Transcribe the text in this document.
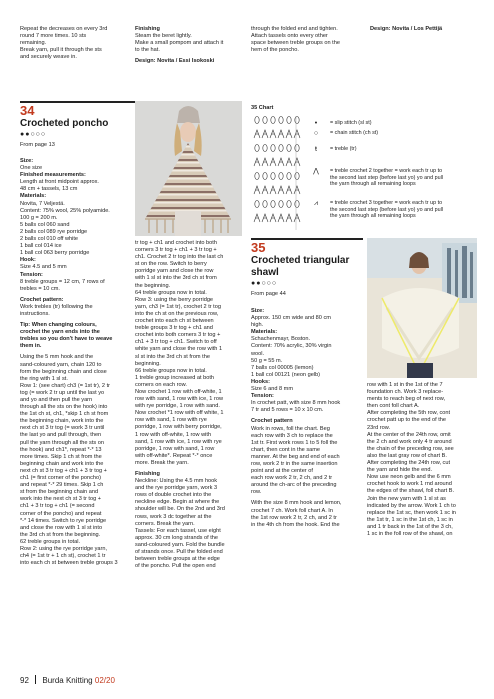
Repeat the decreases on every 3rd

round 7 more times. 10 sts

remaining.

Break yarn, pull it through the sts

and securely weave in.

Finishing

Steam the beret lightly.

Make a small pompom and attach it

to the hat.

Design: Novita / Essi Isokoski

through the folded end and tighten.

Attach tassels onto every other

space between treble groups on the

hem of the poncho.

Design: Novita / Los Pettijä

34
Crocheted poncho
●●○○○
From page 13

Size:

One size

Finished measurements:

Length at front midpoint approx.

48 cm + tassels, 13 cm

Materials:

Novita, 7 Veljestä.

Content: 75% wool, 25% polyamide.

100 g = 200 m.

5 balls col 060 sand

2 balls col 089 rye porridge

2 balls col 010 off white

1 ball col 014 ice

1 ball col 063 berry porridge

Hook:

Size 4.5 and 5 mm

Tension:

8 treble groups = 12 cm, 7 rows of

trebles = 10 cm.

Crochet pattern:

Work trebles (tr) following the

instructions.

Tip: When changing colours,

crochet the yarn ends into the

trebles so you don't have to weave

them in.

Using the 5 mm hook and the

sand-coloured yarn, chain 120 to

form the beginning chain and close

the ring with 1 sl st.

Row 1: (see chart) ch3 (= 1st tr), 2 tr

tog (= work 2 tr up until the last yo

and yo and then pull the yarn

through all the sts on the hook) into

the 1st ch st, ch1, *skip 1 ch st from

the beginning chain, work into the

next ch st 3 tr tog (= work 3 tr until

the last yo and pull through, then

pull the yarn through all the sts on

the hook) and ch1*, repeat *-* 13

more times. Skip 1 ch st from the

beginning chain and work into the

next ch st 3 tr tog + ch1 + 3 tr tog +

ch1 (= first corner of the poncho)

and repeat *-* 29 times. Skip 1 ch

st from the beginning chain and

work into the next ch st 3 tr tog +

ch1 + 3 tr tog + ch1 (= second

corner of the poncho) and repeat

*-* 14 times. Switch to rye porridge

and close the row with 1 sl st into

the 3rd ch st from the beginning.

62 treble groups in total.

Row 2: using the rye porridge yarn,

ch4 (= 1st tr + 1 ch st), crochet 1 tr

into each ch st between treble groups 3

tr tog + ch1 and crochet into both

corners 3 tr tog + ch1 + 3 tr tog +

ch1. Crochet 2 tr tog into the last ch

st on the row. Switch to berry

porridge yarn and close the row

with 1 sl st into the 3rd ch st from

the beginning.

64 treble groups now in total.

Row 3: using the berry porridge

yarn, ch3 (= 1st tr), crochet 2 tr tog

into the ch st on the previous row,

crochet into each ch st between

treble groups 3 tr tog + ch1 and

crochet into both corners 3 tr tog +

ch1 + 3 tr tog + ch1. Switch to off

white yarn and close the row with 1

sl st into the 3rd ch st from the

beginning.

66 treble groups now in total.

1 treble group increased at both

corners on each row.

Now crochet 1 row with off-white, 1

row with sand, 1 row with ice, 1 row

with rye porridge, 1 row with sand.

Now crochet *1 row with off white, 1

row with sand, 1 row with rye

porridge, 1 row with berry porridge,

1 row with off-white, 1 row with

sand, 1 row with ice, 1 row with rye

porridge, 1 row with sand, 1 row

with off-white*. Repeat *-* once

more. Break the yarn.

Finishing

Neckline: Using the 4.5 mm hook

and the rye porridge yarn, work 3

rows of double crochet into the

neckline edge. Begin at where the

shoulder will be. On the 2nd and 3rd

rows, work 3 dc together at the

corners. Break the yarn.

Tassels: For each tassel, use eight

approx. 30 cm long strands of the

sand-coloured yarn. Fold the bundle

of strands once. Pull the folded end

between treble groups at the edge

of the poncho. Pull the open end

35 Chart
•	= slip stitch (sl st)
○	= chain stitch (ch st)
ŧ	= treble (tr)
⋀	= treble crochet 2 together = work each tr up to
the second last step (before last yo) yo and pull
the yarn through all remaining loops
⩘	= treble crochet 3 together = work each tr up to
the second last step (before last yo) yo and pull
the yarn through all remaining loops
35
Crocheted triangular shawl
●●○○○
From page 44

Size:

Approx. 150 cm wide and 80 cm

high.

Materials:

Schachenmayr, Boston.

Content: 70% acrylic, 30% virgin

wool.

50 g = 55 m.

7 balls col 00005 (lemon)

1 ball col 00121 (neon gelb)

Hooks:

Size 6 and 8 mm

Tension:

In crochet patt, with size 8 mm hook

7 tr and 5 rows = 10 x 10 cm.

Crochet pattern

Work in rows, foll the chart. Beg

each row with 3 ch to replace the

1st tr. First work rows 1 to 5 foll the

chart, then cont in the same

manner. At the beg and end of each

row, work 2 tr in the same insertion

point and at the center of

each row work 2 tr, 2 ch, and 2 tr

around the ch-arc of the preceding

row.

With the size 8 mm hook and lemon,

crochet 7 ch. Work foll chart A. In

the 1st row work 2 tr, 2 ch, and 2 tr

in the 4th ch from the hook. End the

row with 1 st in the 1st of the 7

foundation ch. Work 3 replace-

ments to reach beg of next row,

then cont foll chart A.

After completing the 5th row, cont

crochet patt up to the end of the

23rd row.

At the center of the 24th row, omit

the 2 ch and work only 4 tr around

the chain of the preceding row, see

also the last gray row of chart B.

After completing the 24th row, cut

the yarn and hide the end.

Now use neon gelb and the 6 mm

crochet hook to work 1 rnd around

the edges of the shawl, foll chart B.

Join the new yarn with 1 sl st as

indicated by the arrow. Work 1 ch to

replace the 1st sc, then work 1 sc in

the 1st tr, 1 sc in the 1st ch, 1 sc in

and 1 tr back in the 1st of the 3 ch,

1 sc in the foll row of the shawl, on

92 Burda Knitting 02/20
